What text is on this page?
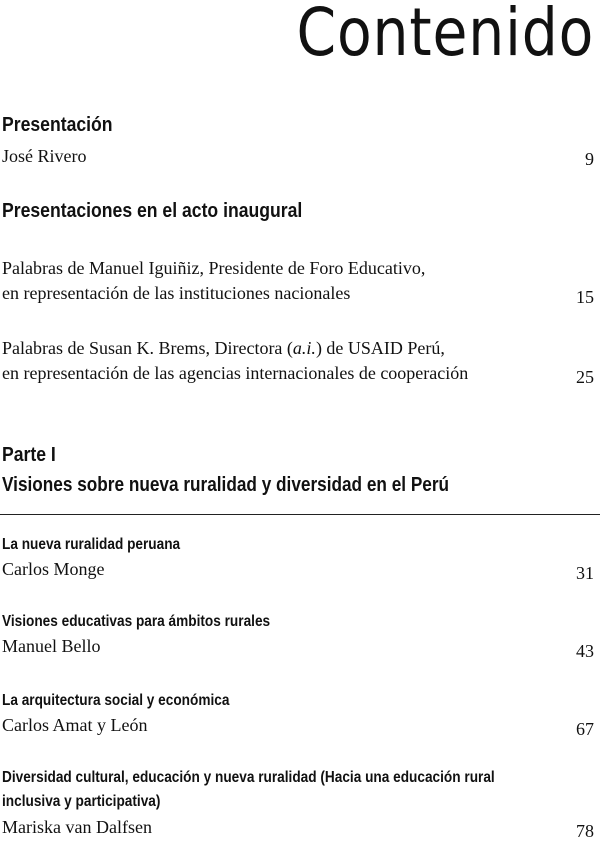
Contenido
Presentación
José Rivero	9
Presentaciones en el acto inaugural
Palabras de Manuel Iguiñiz, Presidente de Foro Educativo,
en representación de las instituciones nacionales	15
Palabras de Susan K. Brems, Directora (a.i.) de USAID Perú,
en representación de las agencias internacionales de cooperación	25
Parte I
Visiones sobre nueva ruralidad y diversidad en el Perú
La nueva ruralidad peruana
Carlos Monge	31
Visiones educativas para ámbitos rurales
Manuel Bello	43
La arquitectura social y económica
Carlos Amat y León	67
Diversidad cultural, educación y nueva ruralidad (Hacia una educación rural
inclusiva y participativa)
Mariska van Dalfsen	78
